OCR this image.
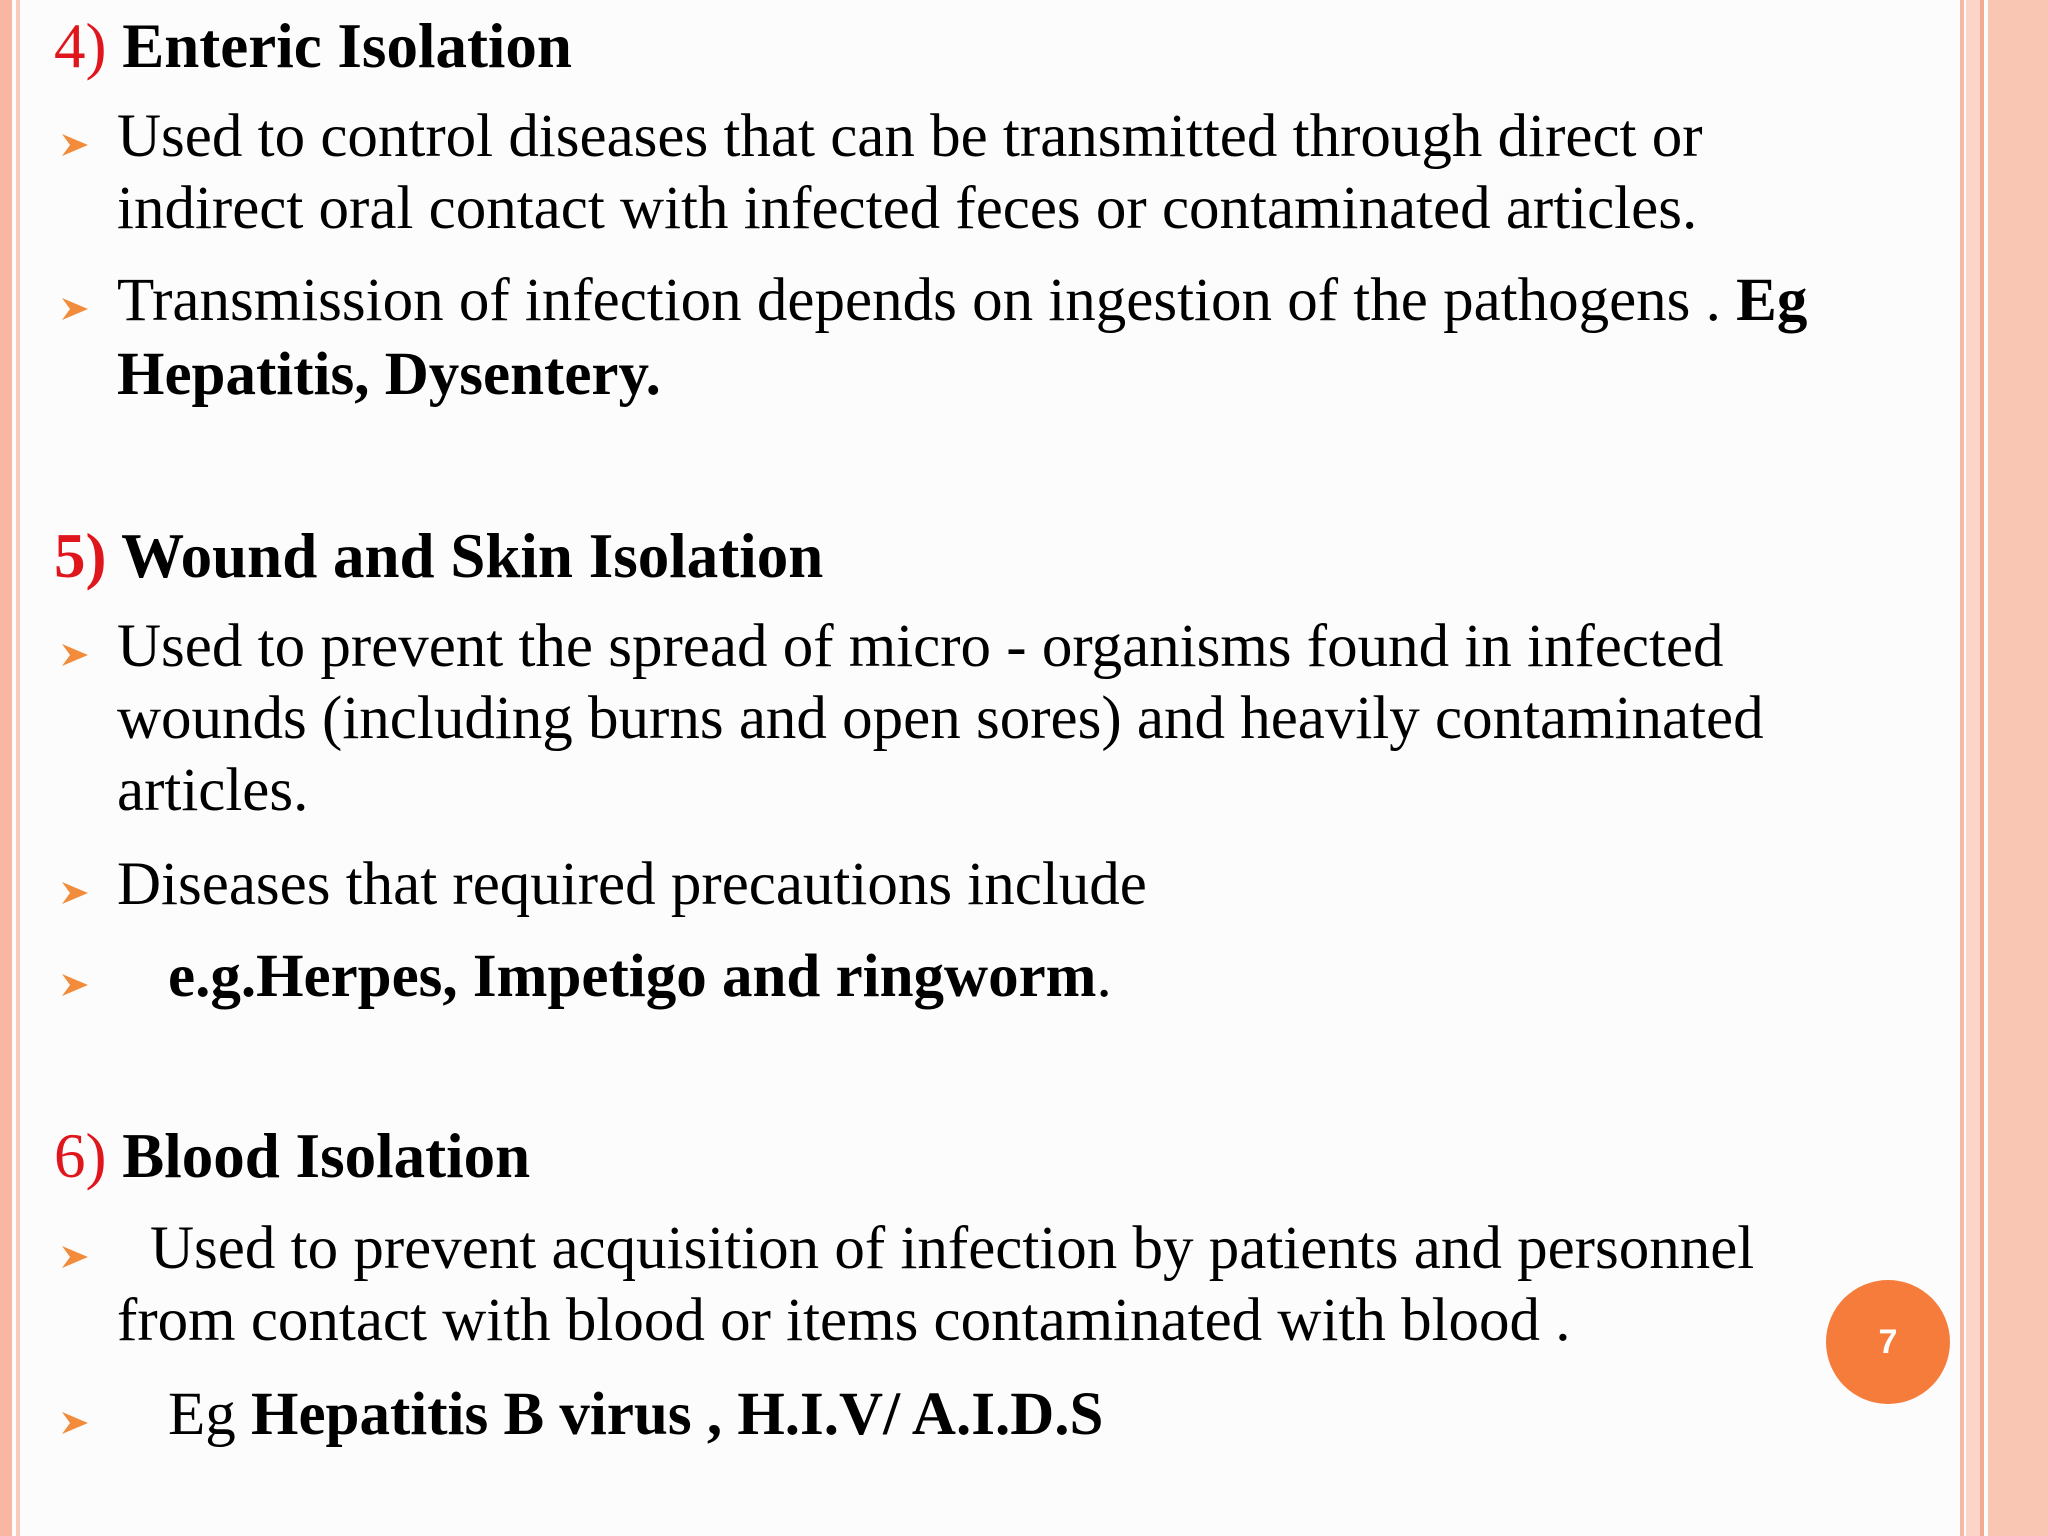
4) Enteric Isolation
Used to control diseases that can be transmitted through direct or
indirect oral contact with infected feces or contaminated articles.
Transmission of infection depends on ingestion of the pathogens . Eg
Hepatitis, Dysentery.
5) Wound and Skin Isolation
Used to prevent the spread of micro - organisms found in infected
wounds (including burns and open sores) and heavily contaminated
articles.
Diseases that required precautions include
e.g.Herpes, Impetigo and ringworm.
6) Blood Isolation
Used to prevent acquisition of infection by patients and personnel
from contact with blood or items contaminated with blood .
Eg Hepatitis B virus , H.I.V/ A.I.D.S
7
